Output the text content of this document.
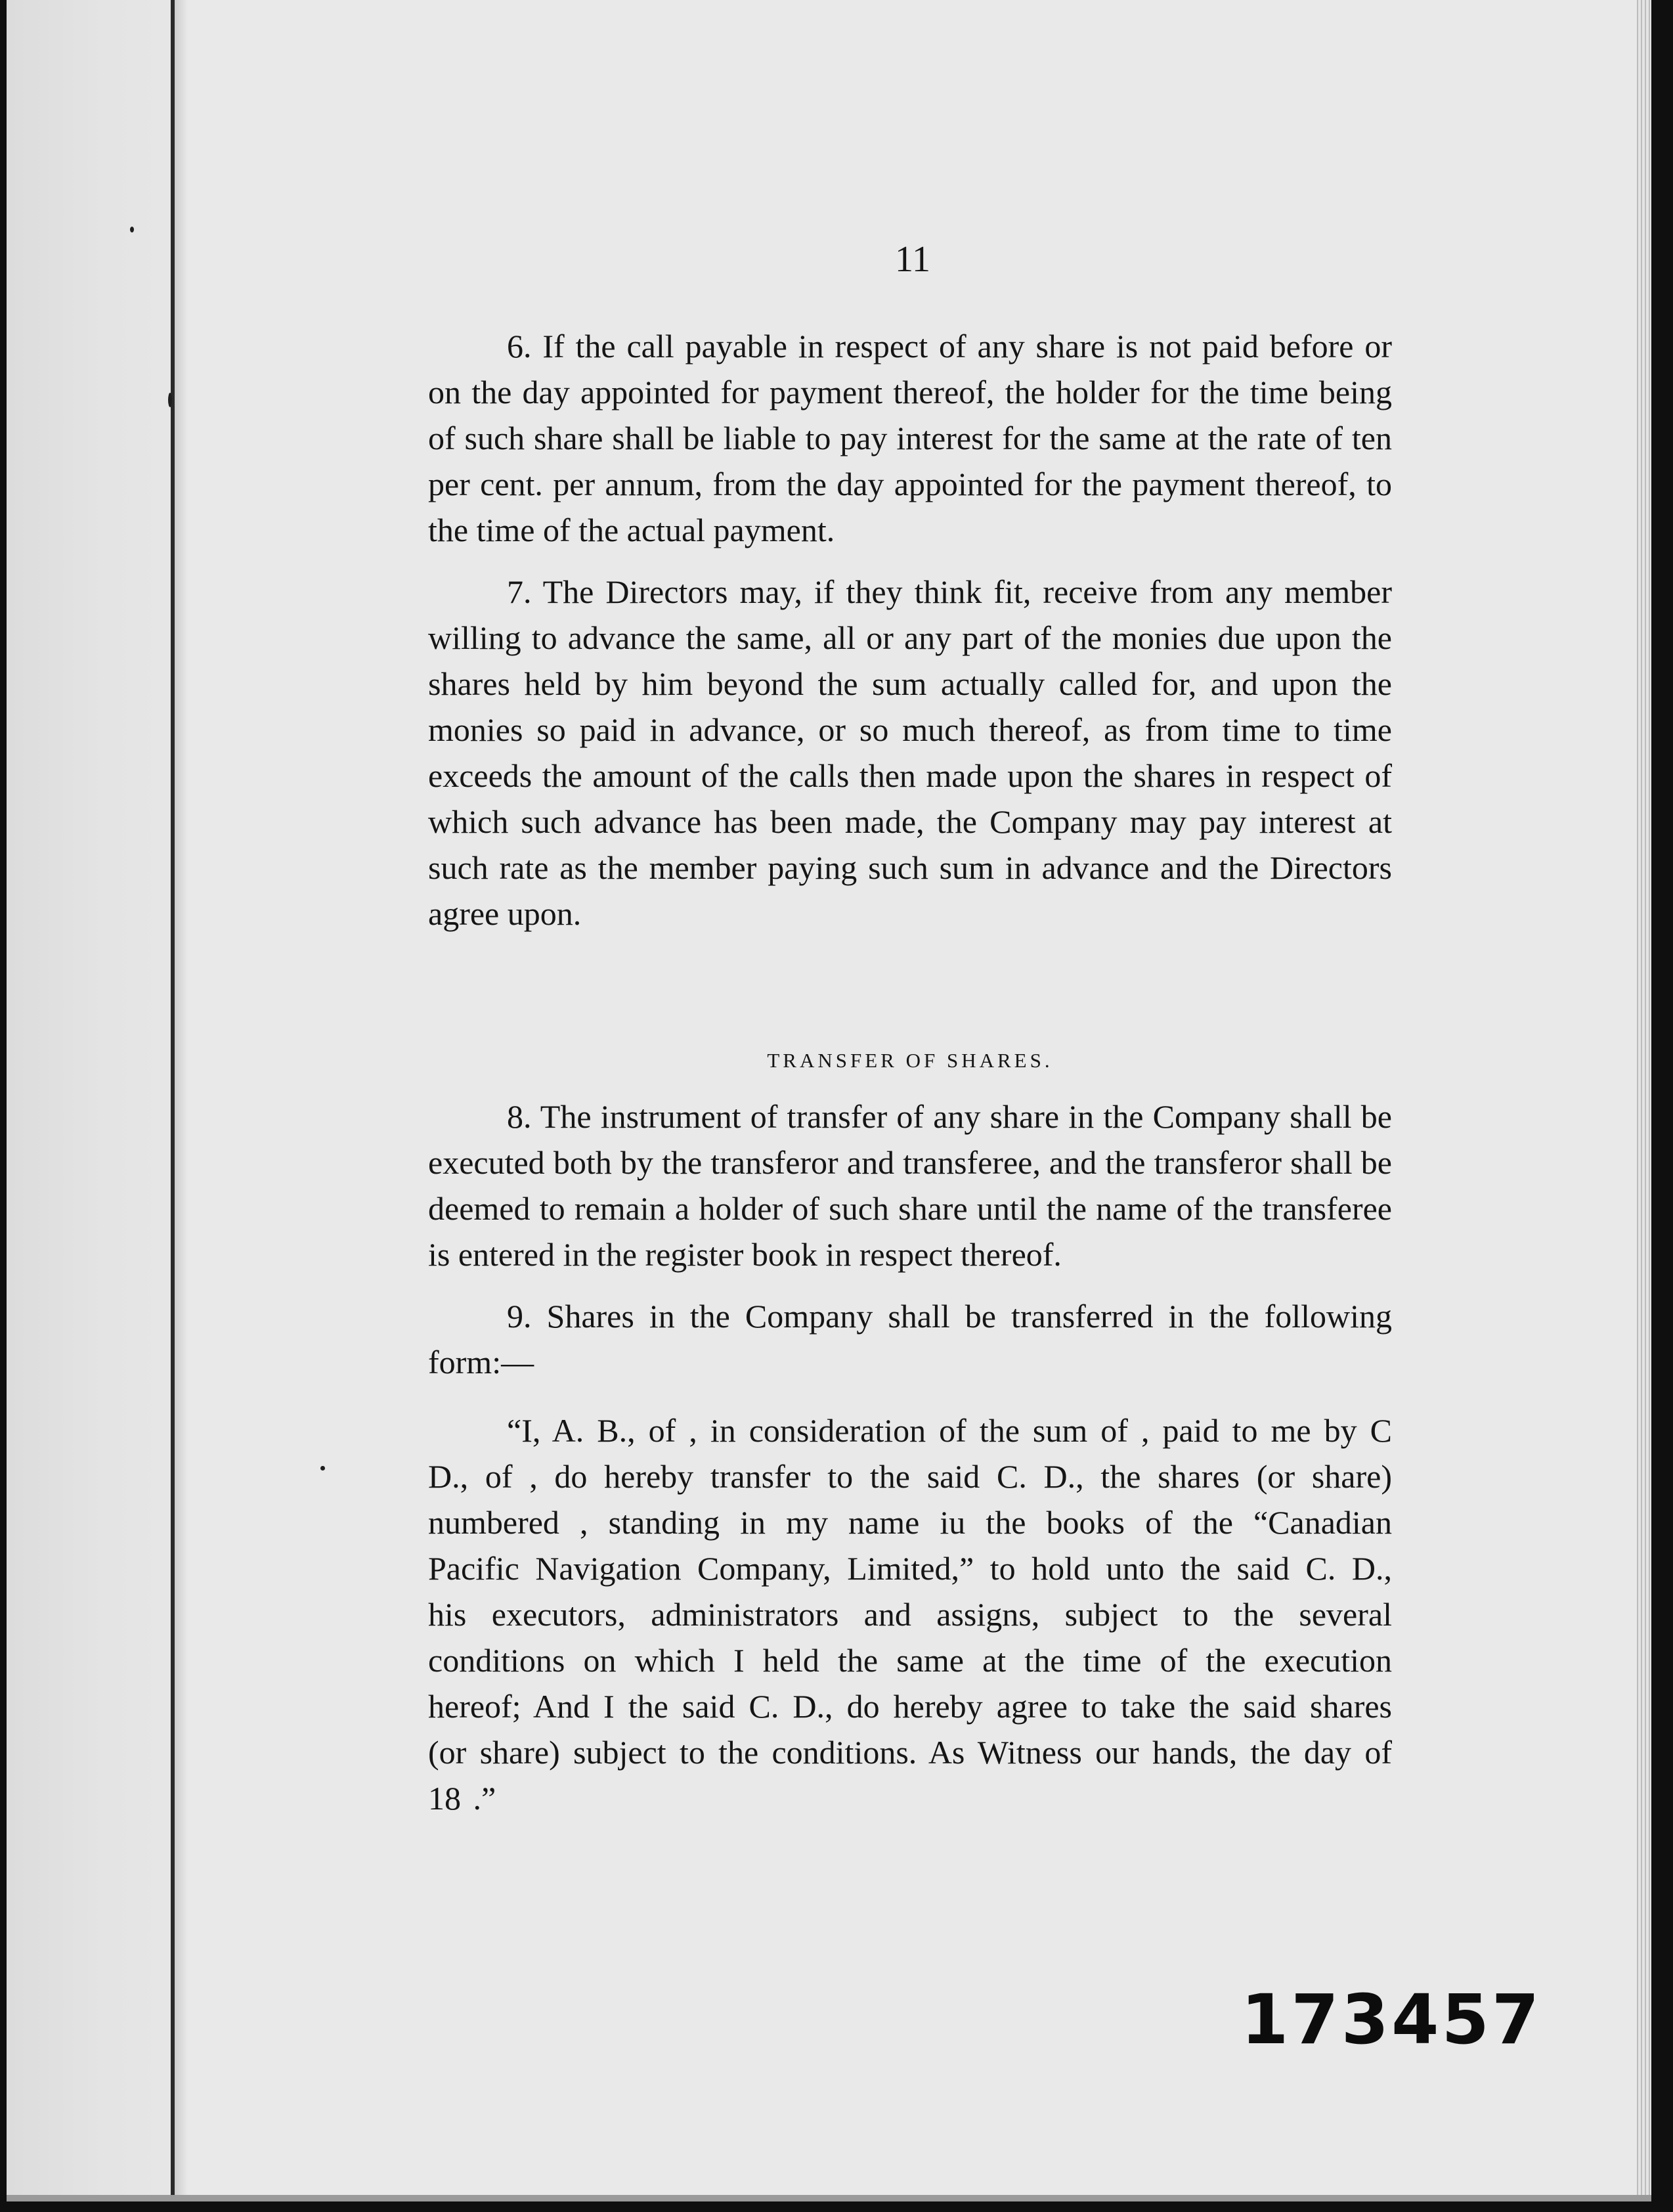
11

6. If the call payable in respect of any share is not paid before or on the day appointed for payment thereof, the holder for the time being of such share shall be liable to pay interest for the same at the rate of ten per cent. per annum, from the day appointed for the payment thereof, to the time of the actual payment.

7. The Directors may, if they think fit, receive from any member willing to advance the same, all or any part of the monies due upon the shares held by him beyond the sum actually called for, and upon the monies so paid in advance, or so much thereof, as from time to time exceeds the amount of the calls then made upon the shares in respect of which such advance has been made, the Company may pay interest at such rate as the member paying such sum in advance and the Directors agree upon.

TRANSFER OF SHARES.

8. The instrument of transfer of any share in the Company shall be executed both by the transferor and transferee, and the transferor shall be deemed to remain a holder of such share until the name of the transferee is entered in the register book in respect thereof.

9. Shares in the Company shall be transferred in the following form:—

“I, A. B., of , in consideration of the sum of , paid to me by C D., of , do hereby transfer to the said C. D., the shares (or share) numbered , standing in my name iu the books of the “Canadian Pacific Navigation Company, Limited,” to hold unto the said C. D., his executors, administrators and assigns, subject to the several conditions on which I held the same at the time of the execution hereof; And I the said C. D., do hereby agree to take the said shares (or share) subject to the conditions. As Witness our hands, the day of 18 .”

173457
